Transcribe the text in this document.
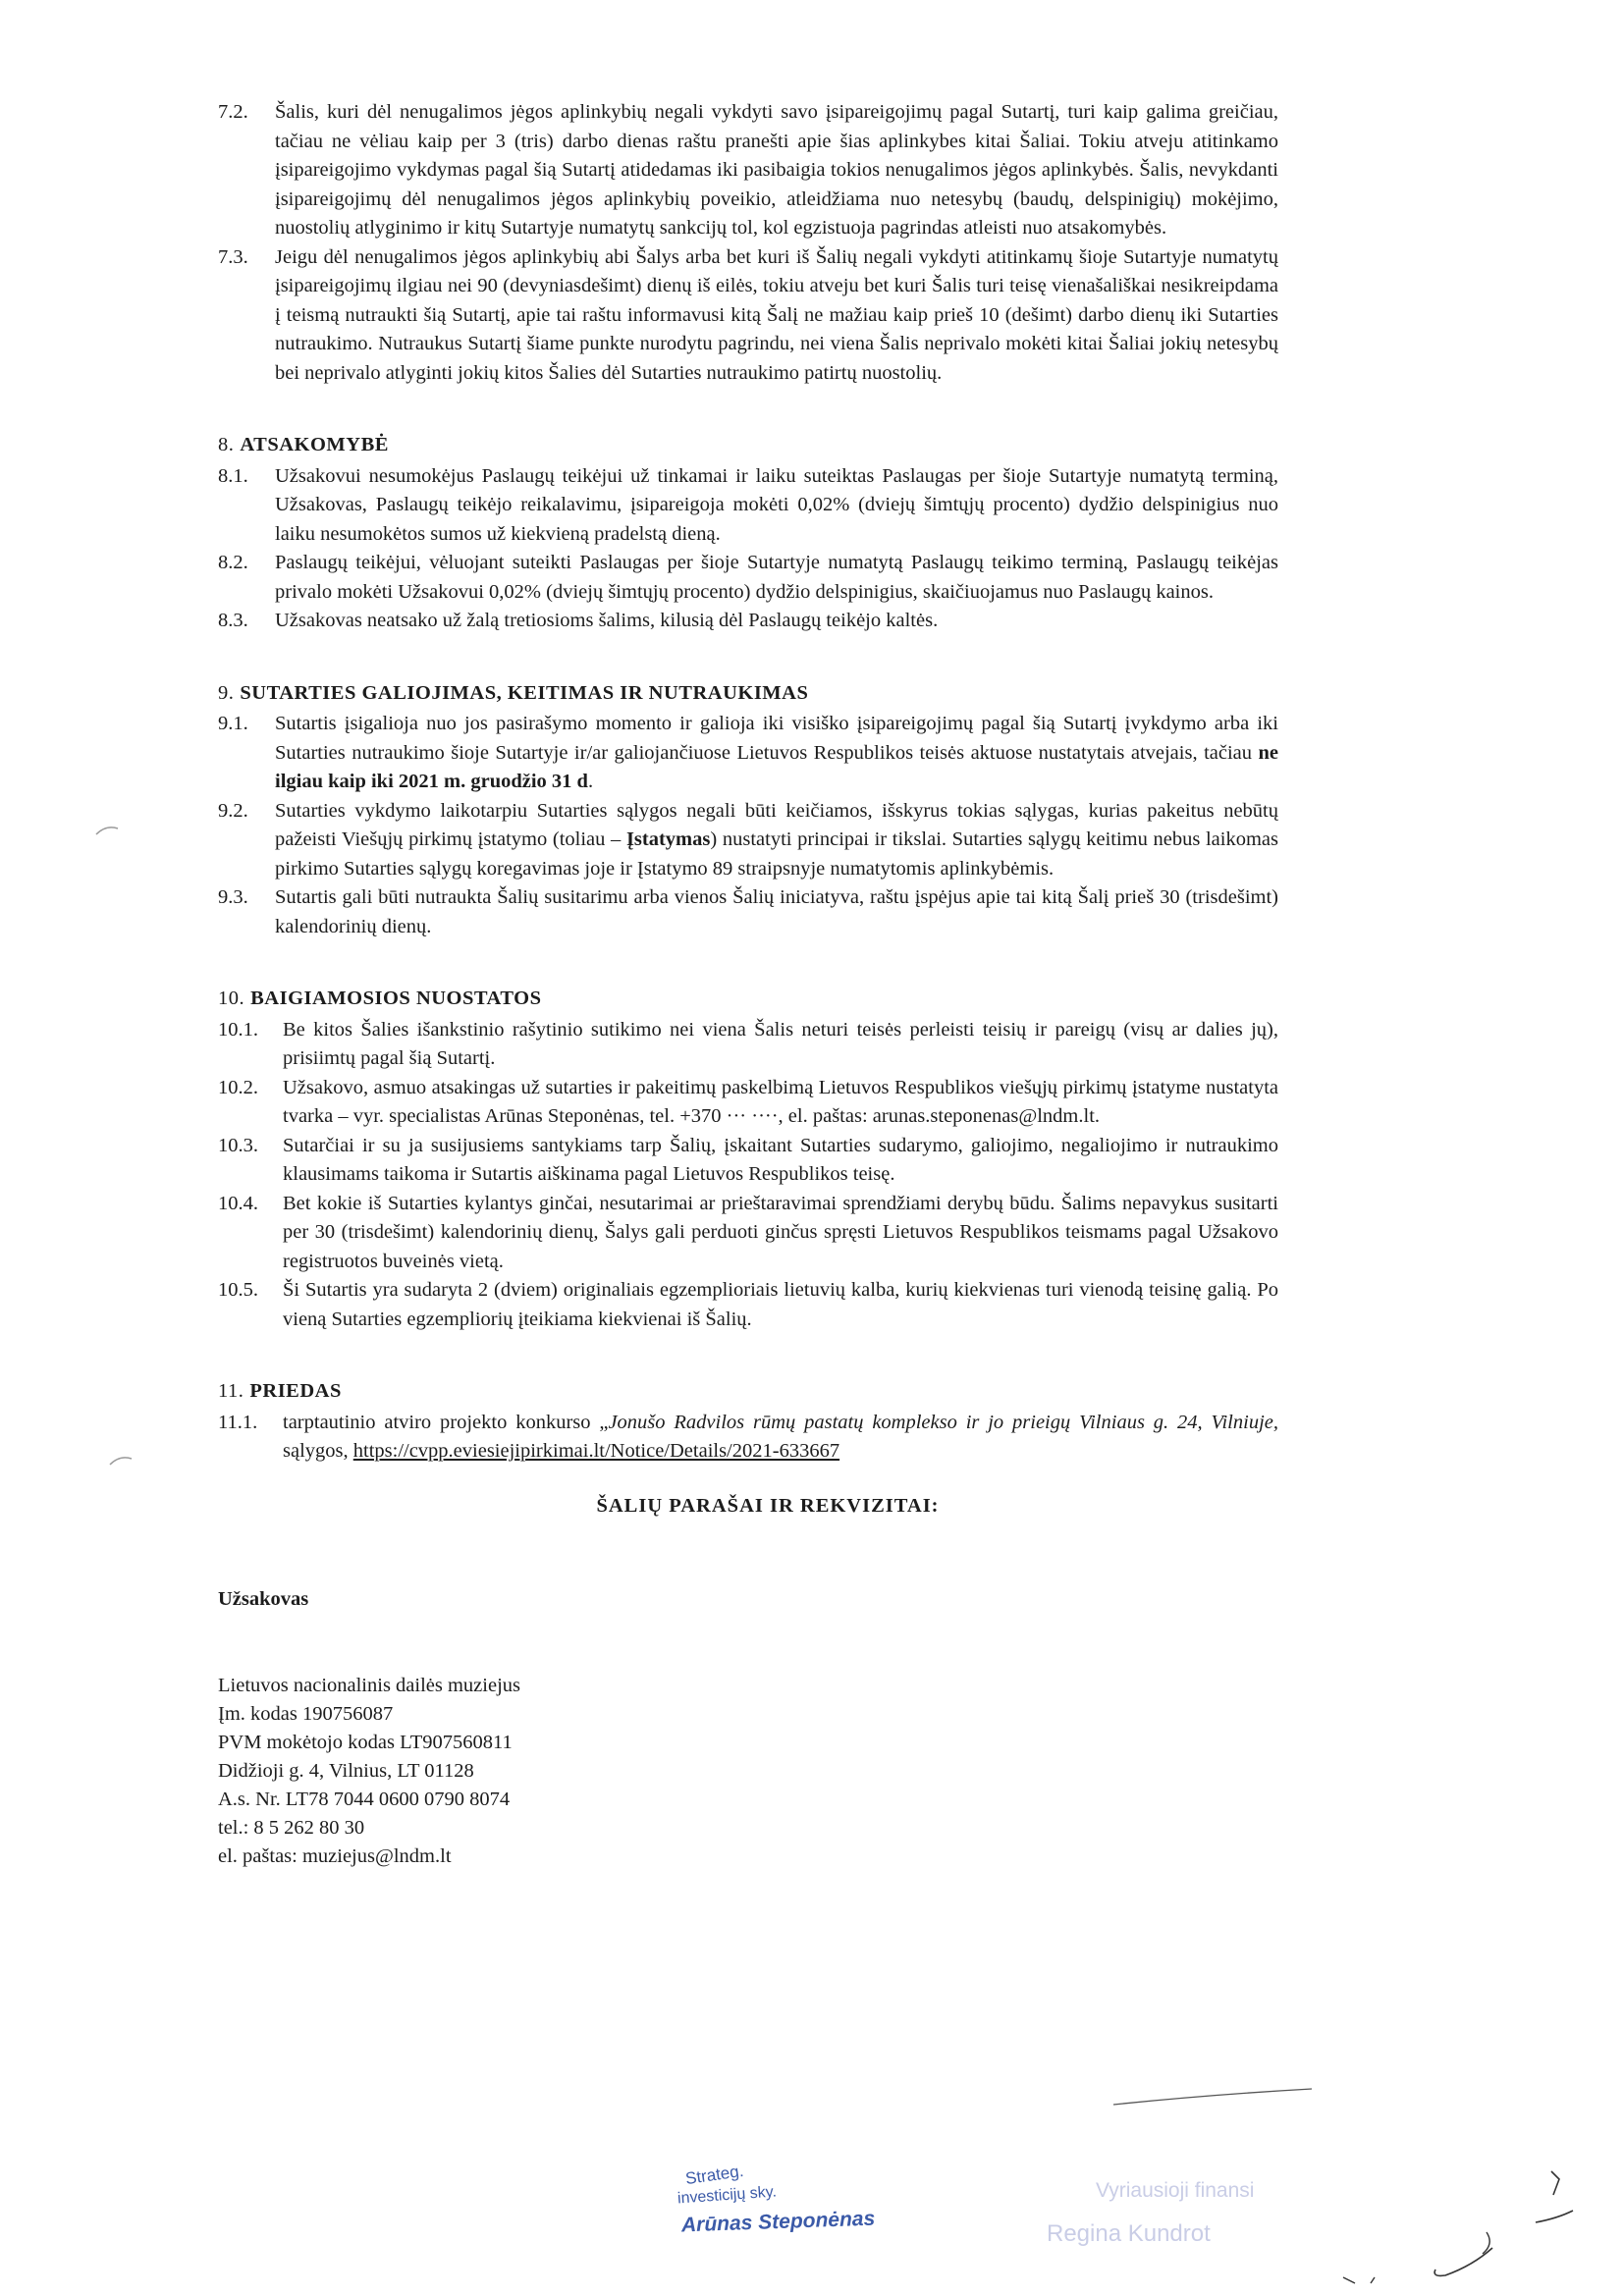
7.2.	Šalis, kuri dėl nenugalimos jėgos aplinkybių negali vykdyti savo įsipareigojimų pagal Sutartį, turi kaip galima greičiau, tačiau ne vėliau kaip per 3 (tris) darbo dienas raštu pranešti apie šias aplinkybes kitai Šaliai. Tokiu atveju atitinkamo įsipareigojimo vykdymas pagal šią Sutartį atidedamas iki pasibaigia tokios nenugalimos jėgos aplinkybės. Šalis, nevykdanti įsipareigojimų dėl nenugalimos jėgos aplinkybių poveikio, atleidžiama nuo netesybų (baudų, delspinigių) mokėjimo, nuostolių atlyginimo ir kitų Sutartyje numatytų sankcijų tol, kol egzistuoja pagrindas atleisti nuo atsakomybės.
7.3.	Jeigu dėl nenugalimos jėgos aplinkybių abi Šalys arba bet kuri iš Šalių negali vykdyti atitinkamų šioje Sutartyje numatytų įsipareigojimų ilgiau nei 90 (devyniasdešimt) dienų iš eilės, tokiu atveju bet kuri Šalis turi teisę vienašališkai nesikreipdama į teismą nutraukti šią Sutartį, apie tai raštu informavusi kitą Šalį ne mažiau kaip prieš 10 (dešimt) darbo dienų iki Sutarties nutraukimo. Nutraukus Sutartį šiame punkte nurodytu pagrindu, nei viena Šalis neprivalo mokėti kitai Šaliai jokių netesybų bei neprivalo atlyginti jokių kitos Šalies dėl Sutarties nutraukimo patirtų nuostolių.
8. ATSAKOMYBĖ
8.1.	Užsakovui nesumokėjus Paslaugų teikėjui už tinkamai ir laiku suteiktas Paslaugas per šioje Sutartyje numatytą terminą, Užsakovas, Paslaugų teikėjo reikalavimu, įsipareigoja mokėti 0,02% (dviejų šimtųjų procento) dydžio delspinigius nuo laiku nesumokėtos sumos už kiekvieną pradelstą dieną.
8.2.	Paslaugų teikėjui, vėluojant suteikti Paslaugas per šioje Sutartyje numatytą Paslaugų teikimo terminą, Paslaugų teikėjas privalo mokėti Užsakovui 0,02% (dviejų šimtųjų procento) dydžio delspinigius, skaičiuojamus nuo Paslaugų kainos.
8.3.	Užsakovas neatsako už žalą tretiosioms šalims, kilusią dėl Paslaugų teikėjo kaltės.
9. SUTARTIES GALIOJIMAS, KEITIMAS IR NUTRAUKIMAS
9.1.	Sutartis įsigalioja nuo jos pasirašymo momento ir galioja iki visiško įsipareigojimų pagal šią Sutartį įvykdymo arba iki Sutarties nutraukimo šioje Sutartyje ir/ar galiojančiuose Lietuvos Respublikos teisės aktuose nustatytais atvejais, tačiau ne ilgiau kaip iki 2021 m. gruodžio 31 d.
9.2.	Sutarties vykdymo laikotarpiu Sutarties sąlygos negali būti keičiamos, išskyrus tokias sąlygas, kurias pakeitus nebūtų pažeisti Viešųjų pirkimų įstatymo (toliau – Įstatymas) nustatyti principai ir tikslai. Sutarties sąlygų keitimu nebus laikomas pirkimo Sutarties sąlygų koregavimas joje ir Įstatymo 89 straipsnyje numatytomis aplinkybėmis.
9.3.	Sutartis gali būti nutraukta Šalių susitarimu arba vienos Šalių iniciatyva, raštu įspėjus apie tai kitą Šalį prieš 30 (trisdešimt) kalendorinių dienų.
10. BAIGIAMOSIOS NUOSTATOS
10.1.	Be kitos Šalies išankstinio rašytinio sutikimo nei viena Šalis neturi teisės perleisti teisių ir pareigų (visų ar dalies jų), prisiimtų pagal šią Sutartį.
10.2.	Užsakovo, asmuo atsakingas už sutarties ir pakeitimų paskelbimą Lietuvos Respublikos viešųjų pirkimų įstatyme nustatyta tvarka – vyr. specialistas Arūnas Steponėnas, tel. +370 ··· ····, el. paštas: arunas.steponenas@lndm.lt.
10.3.	Sutarčiai ir su ja susijusiems santykiams tarp Šalių, įskaitant Sutarties sudarymo, galiojimo, negaliojimo ir nutraukimo klausimams taikoma ir Sutartis aiškinama pagal Lietuvos Respublikos teisę.
10.4.	Bet kokie iš Sutarties kylantys ginčai, nesutarimai ar prieštaravimai sprendžiami derybų būdu. Šalims nepavykus susitarti per 30 (trisdešimt) kalendorinių dienų, Šalys gali perduoti ginčus spręsti Lietuvos Respublikos teismams pagal Užsakovo registruotos buveinės vietą.
10.5.	Ši Sutartis yra sudaryta 2 (dviem) originaliais egzemplioriais lietuvių kalba, kurių kiekvienas turi vienodą teisinę galią. Po vieną Sutarties egzempliorių įteikiama kiekvienai iš Šalių.
11. PRIEDAS
11.1.	tarptautinio atviro projekto konkurso „Jonušo Radvilos rūmų pastatų komplekso ir jo prieigų Vilniaus g. 24, Vilniuje, sąlygos, https://cvpp.eviesiejipirkimai.lt/Notice/Details/2021-633667
ŠALIŲ PARAŠAI IR REKVIZITAI:
Užsakovas
Lietuvos nacionalinis dailės muziejus
Įm. kodas 190756087
PVM mokėtojo kodas LT907560811
Didžioji g. 4, Vilnius, LT 01128
A.s. Nr. LT78 7044 0600 0790 8074
tel.: 8 5 262 80 30
el. paštas: muziejus@lndm.lt
Strateg.
investicijų sky.
Arūnas Steponėnas
Vyriausioji finansi
Regina Kundrot
